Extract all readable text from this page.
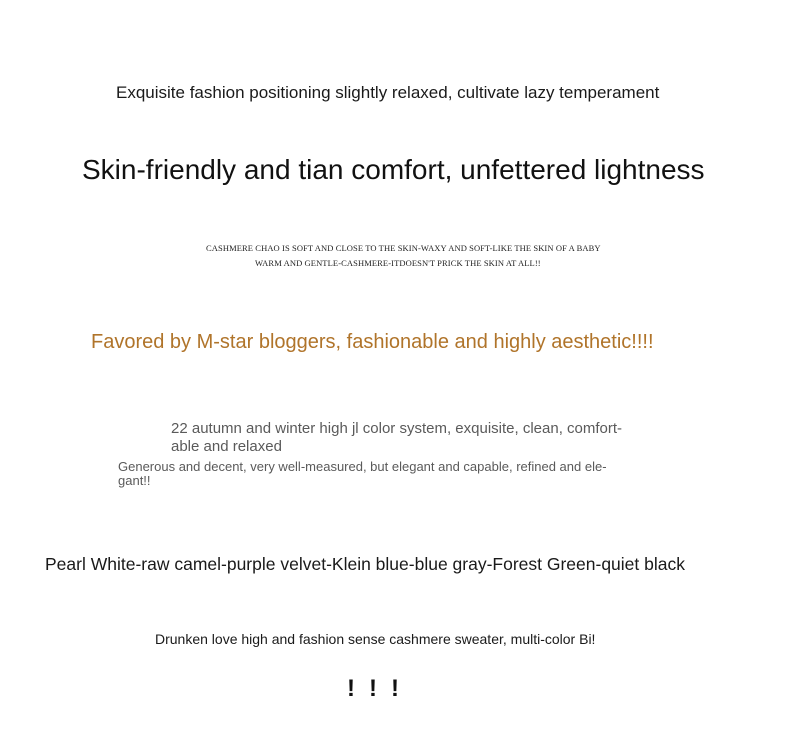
Exquisite fashion positioning slightly relaxed, cultivate lazy temperament

Skin-friendly and tian comfort, unfettered lightness

CASHMERE CHAO IS SOFT AND CLOSE TO THE SKIN-WAXY AND SOFT-LIKE THE SKIN OF A BABY

WARM AND GENTLE-CASHMERE-ITDOESN'T PRICK THE SKIN AT ALL!!

Favored by M-star bloggers, fashionable and highly aesthetic!!!!

22 autumn and winter high jl color system, exquisite, clean, comfort-

able and relaxed

Generous and decent, very well-measured, but elegant and capable, refined and ele-

gant!!

Pearl White-raw camel-purple velvet-Klein blue-blue gray-Forest Green-quiet black

Drunken love high and fashion sense cashmere sweater, multi-color Bi!

!!!
